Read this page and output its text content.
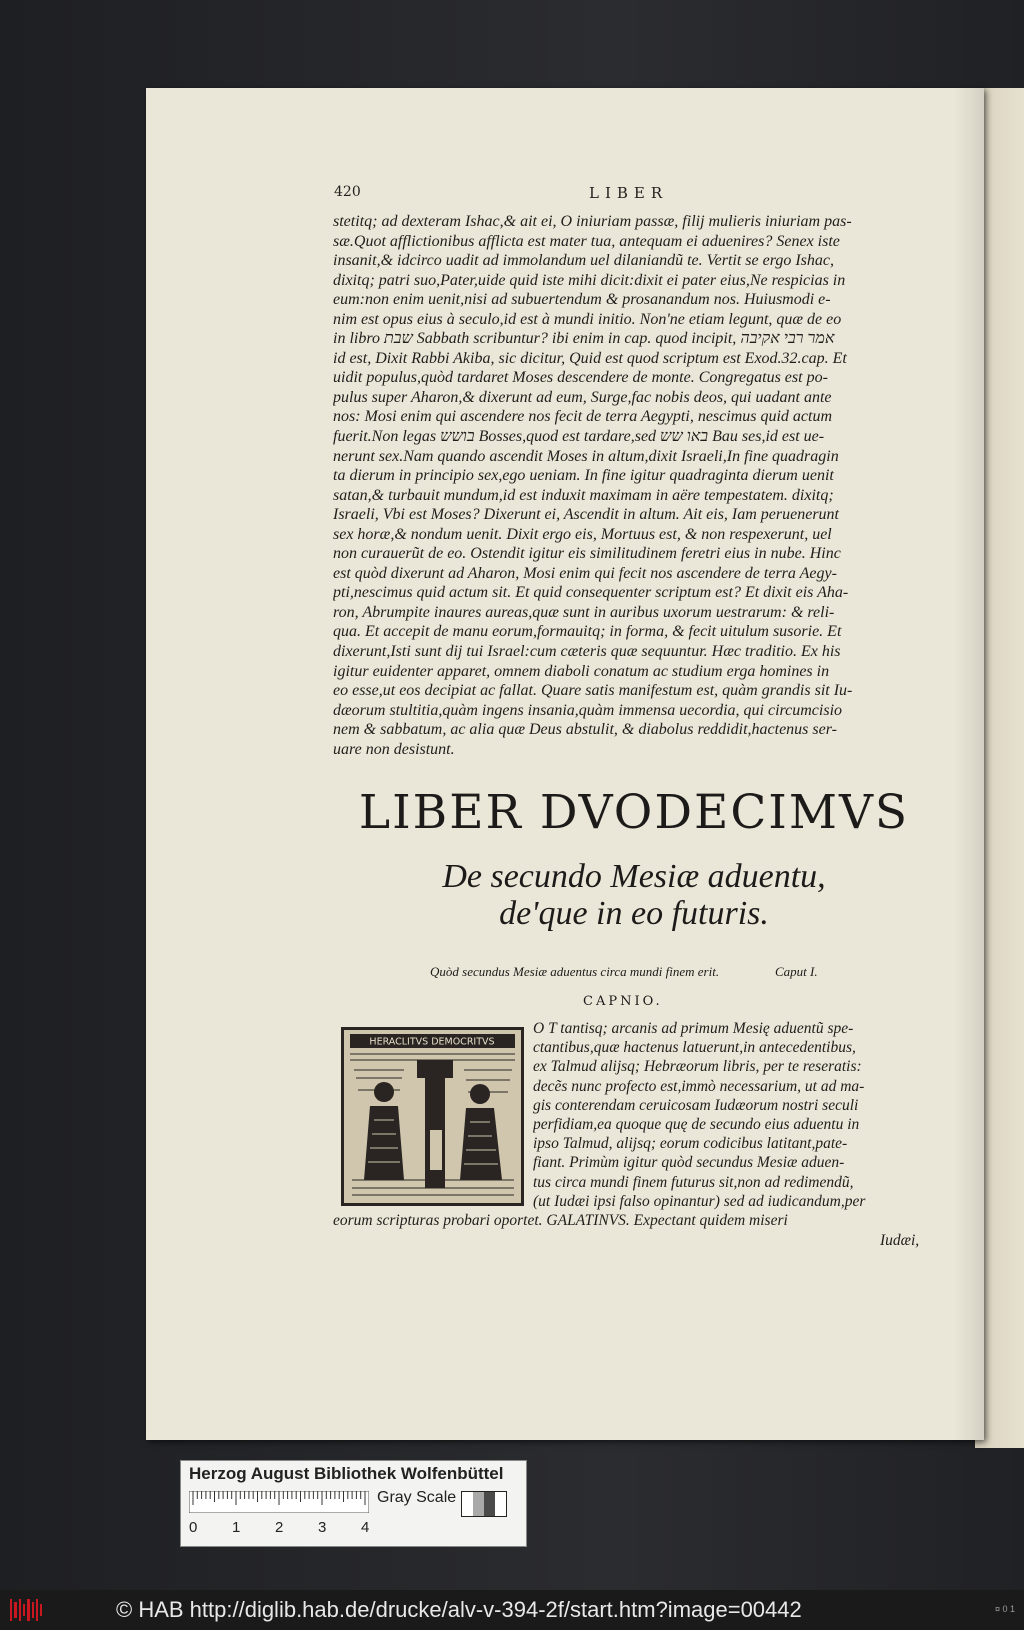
420	LIBER
stetitq; ad dexteram Ishac,& ait ei, O iniuriam passæ, filij mulieris iniuriam pas-
sæ.Quot afflictionibus afflicta est mater tua, antequam ei aduenires? Senex iste
insanit,& idcirco uadit ad immolandum uel dilaniandũ te. Vertit se ergo Ishac,
dixitq; patri suo,Pater,uide quid iste mihi dicit:dixit ei pater eius,Ne respicias in
eum:non enim uenit,nisi ad subuertendum & prosanandum nos. Huiusmodi e-
nim est opus eius à seculo,id est à mundi initio. Non'ne etiam legunt, quæ de eo
in libro שבת Sabbath scribuntur? ibi enim in cap. quod incipit, אמר רבי אקיבה
id est, Dixit Rabbi Akiba, sic dicitur, Quid est quod scriptum est Exod.32.cap. Et
uidit populus,quòd tardaret Moses descendere de monte. Congregatus est po-
pulus super Aharon,& dixerunt ad eum, Surge,fac nobis deos, qui uadant ante
nos: Mosi enim qui ascendere nos fecit de terra Aegypti, nescimus quid actum
fuerit.Non legas בושש Bosses,quod est tardare,sed באו שש Bau ses,id est ue-
nerunt sex.Nam quando ascendit Moses in altum,dixit Israeli,In fine quadragin
ta dierum in principio sex,ego ueniam. In fine igitur quadraginta dierum uenit
satan,& turbauit mundum,id est induxit maximam in aëre tempestatem. dixitq;
Israeli, Vbi est Moses? Dixerunt ei, Ascendit in altum. Ait eis, Iam peruenerunt
sex horæ,& nondum uenit. Dixit ergo eis, Mortuus est, & non respexerunt, uel
non curauerũt de eo. Ostendit igitur eis similitudinem feretri eius in nube. Hinc
est quòd dixerunt ad Aharon, Mosi enim qui fecit nos ascendere de terra Aegy-
pti,nescimus quid actum sit. Et quid consequenter scriptum est? Et dixit eis Aha-
ron, Abrumpite inaures aureas,quæ sunt in auribus uxorum uestrarum: & reli-
qua. Et accepit de manu eorum,formauitq; in forma, & fecit uitulum susorie. Et
dixerunt,Isti sunt dij tui Israel:cum cæteris quæ sequuntur. Hæc traditio. Ex his
igitur euidenter apparet, omnem diaboli conatum ac studium erga homines in
eo esse,ut eos decipiat ac fallat. Quare satis manifestum est, quàm grandis sit Iu-
dæorum stultitia,quàm ingens insania,quàm immensa uecordia, qui circumcisio
nem & sabbatum, ac alia quæ Deus abstulit, & diabolus reddidit,hactenus ser-
uare non desistunt.
LIBER DVODECIMVS
De secundo Mesiæ aduentu,
de'que in eo futuris.
Quòd secundus Mesiæ aduentus circa mundi finem erit.	Caput I.
CAPNIO.
HERACLITVS DEMOCRITVS
O T tantisq; arcanis ad primum Mesię aduentũ spe-
ctantibus,quæ hactenus latuerunt,in antecedentibus,
ex Talmud alijsq; Hebræorum libris, per te reseratis:
decẽs nunc profecto est,immò necessarium, ut ad ma-
gis conterendam ceruicosam Iudæorum nostri seculi
perfidiam,ea quoque quę de secundo eius aduentu in
ipso Talmud, alijsq; eorum codicibus latitant,pate-
fiant. Primùm igitur quòd secundus Mesiæ aduen-
tus circa mundi finem futurus sit,non ad redimendũ,
(ut Iudæi ipsi falso opinantur) sed ad iudicandum,per
eorum scripturas probari oportet. GALATINVS. Expectant quidem miseri
Iudæi,
Herzog August Bibliothek Wolfenbüttel
0 1 2 3 4
Gray Scale
© HAB http://diglib.hab.de/drucke/alv-v-394-2f/start.htm?image=00442	¤ 0 1
